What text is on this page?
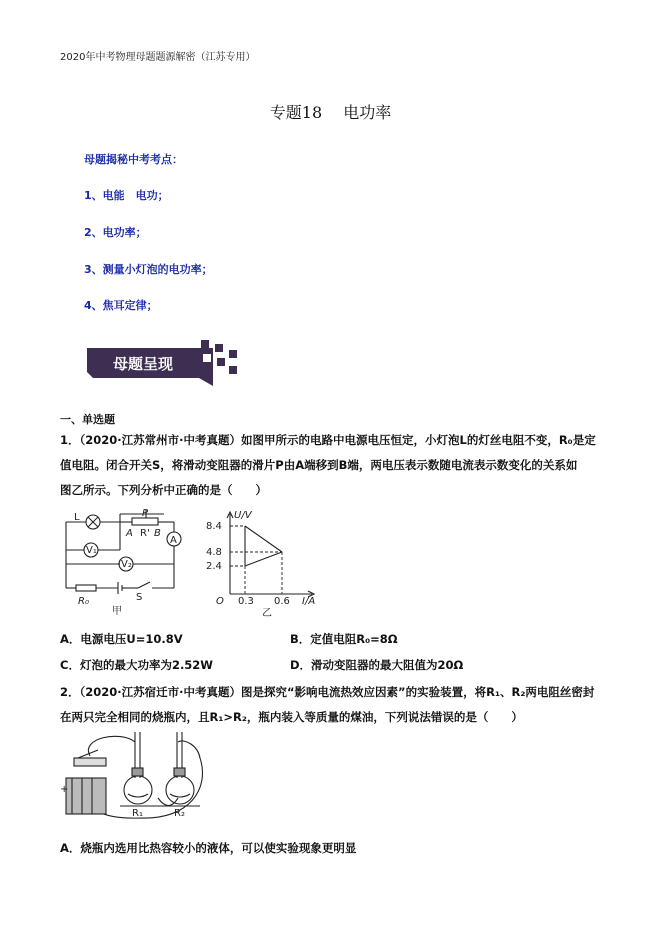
2020年中考物理母题题源解密（江苏专用）
专题18　 电功率
母题揭秘中考考点：
1、电能　电功；
2、电功率；
3、测量小灯泡的电功率；
4、焦耳定律；
母题呈现
一、单选题
1．（2020·江苏常州市·中考真题）如图甲所示的电路中电源电压恒定，小灯泡L的灯丝电阻不变，R₀是定
值电阻。闭合开关S，将滑动变阻器的滑片P由A端移到B端，两电压表示数随电流表示数变化的关系如
图乙所示。下列分析中正确的是（　　）
L	P
A R' B
A
V₁
V₂
R₀	S
甲
U/V
8.4
4.8
2.4
O 0.3 0.6 I/A
乙
A．电源电压U=10.8V	B．定值电阻R₀=8Ω
C．灯泡的最大功率为2.52W	D．滑动变阻器的最大阻值为20Ω
2．（2020·江苏宿迁市·中考真题）图是探究“影响电流热效应因素”的实验装置，将R₁、R₂两电阻丝密封
在两只完全相同的烧瓶内，且R₁>R₂，瓶内装入等质量的煤油，下列说法错误的是（　　）
+
R₁	R₂
A．烧瓶内选用比热容较小的液体，可以使实验现象更明显
